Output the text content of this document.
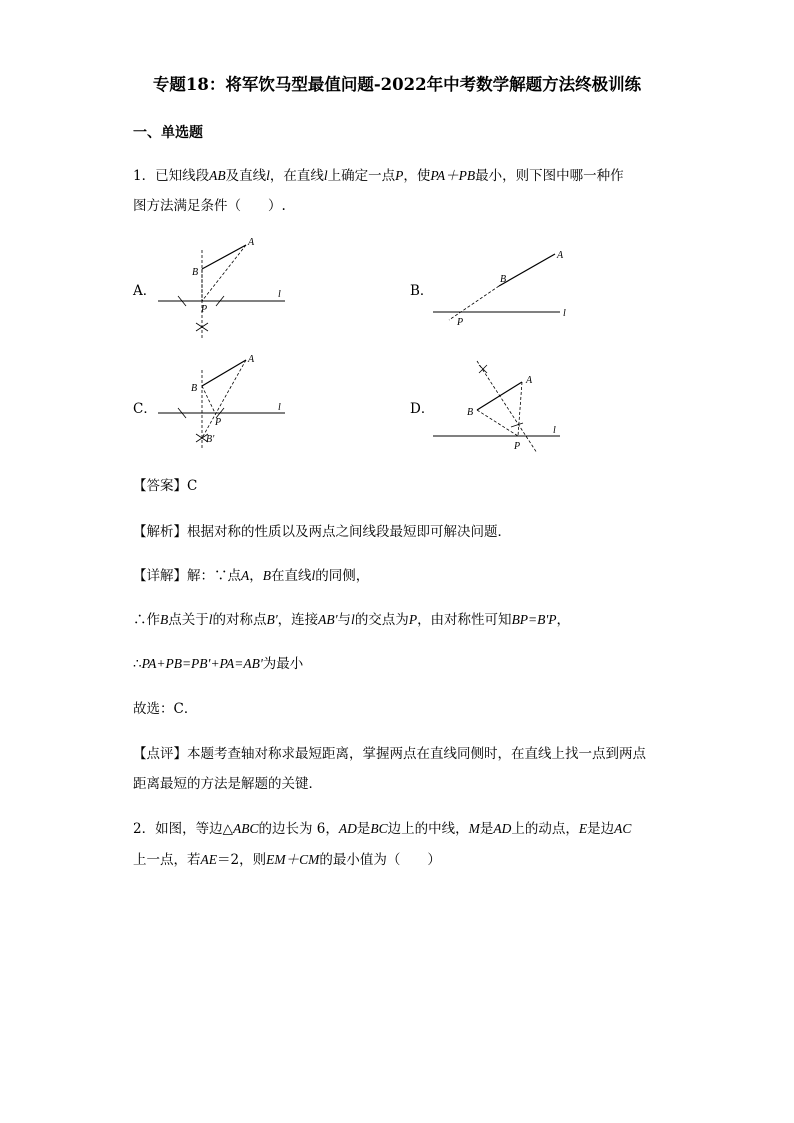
专题18：将军饮马型最值问题-2022年中考数学解题方法终极训练
一、单选题
1．已知线段AB及直线l，在直线l上确定一点P，使PA＋PB最小，则下图中哪一种作
图方法满足条件（　　）.
A．	B．
C．	D．
A
B
P
l
A
B
P
l
A
B
P
l
B'
A
B
P
l
【答案】C
【解析】根据对称的性质以及两点之间线段最短即可解决问题．
【详解】解：∵点A，B在直线l的同侧，
∴作B点关于l的对称点B'，连接AB'与l的交点为P，由对称性可知BP=B'P，
∴PA+PB=PB'+PA=AB'为最小
故选：C．
【点评】本题考查轴对称求最短距离，掌握两点在直线同侧时，在直线上找一点到两点
距离最短的方法是解题的关键．
2．如图，等边△ABC的边长为 6，AD是BC边上的中线，M是AD上的动点，E是边AC
上一点，若AE＝2，则EM＋CM的最小值为（　　）
